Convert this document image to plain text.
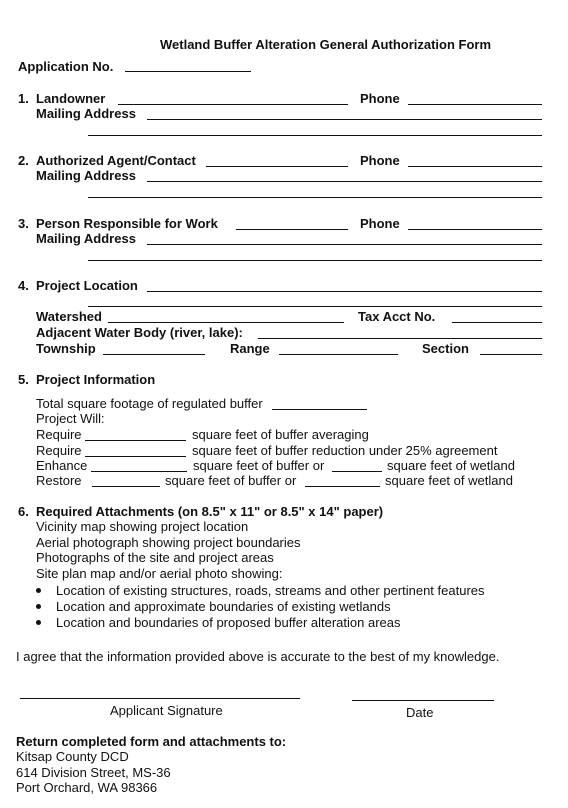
Wetland Buffer Alteration General Authorization Form
Application No.
1. Landowner	Phone
Mailing Address
2. Authorized Agent/Contact	Phone
Mailing Address
3. Person Responsible for Work	Phone
Mailing Address
4. Project Location
Watershed	Tax Acct No.
Adjacent Water Body (river, lake):
Township	Range	Section
5. Project Information
Total square footage of regulated buffer
Project Will:
Require	square feet of buffer averaging
Require	square feet of buffer reduction under 25% agreement
Enhance	square feet of buffer or	square feet of wetland
Restore	square feet of buffer or	square feet of wetland
6. Required Attachments (on 8.5" x 11" or 8.5" x 14" paper)
Vicinity map showing project location
Aerial photograph showing project boundaries
Photographs of the site and project areas
Site plan map and/or aerial photo showing:
Location of existing structures, roads, streams and other pertinent features
Location and approximate boundaries of existing wetlands
Location and boundaries of proposed buffer alteration areas
I agree that the information provided above is accurate to the best of my knowledge.
Applicant Signature	Date
Return completed form and attachments to:
Kitsap County DCD
614 Division Street, MS-36
Port Orchard, WA 98366
